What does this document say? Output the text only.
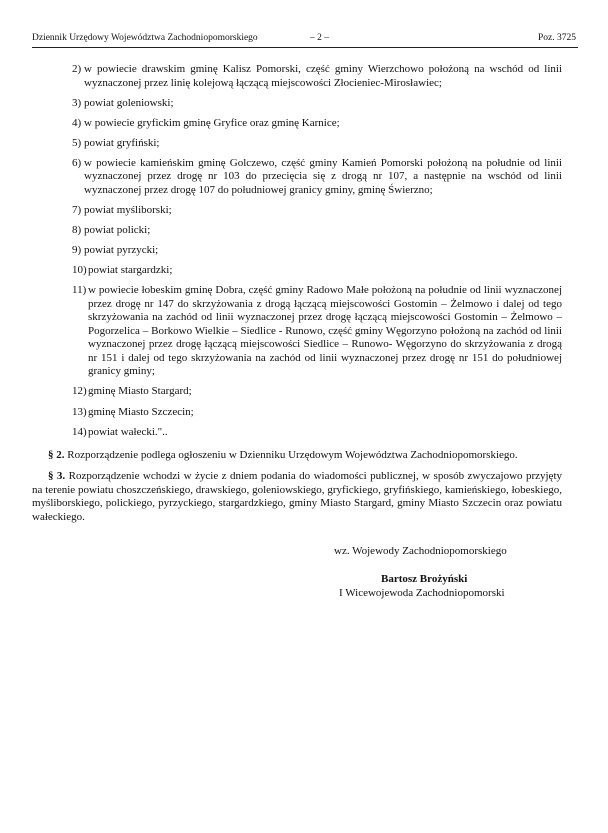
Dziennik Urzędowy Województwa Zachodniopomorskiego	– 2 –	Poz. 3725
2) w powiecie drawskim gminę Kalisz Pomorski, część gminy Wierzchowo położoną na wschód od linii wyznaczonej przez linię kolejową łączącą miejscowości Złocieniec-Mirosławiec;
3) powiat goleniowski;
4) w powiecie gryfickim gminę Gryfice oraz gminę Karnice;
5) powiat gryfiński;
6) w powiecie kamieńskim gminę Golczewo, część gminy Kamień Pomorski położoną na południe od linii wyznaczonej przez drogę nr 103 do przecięcia się z drogą nr 107, a następnie na wschód od linii wyznaczonej przez drogę 107 do południowej granicy gminy, gminę Świerzno;
7) powiat myśliborski;
8) powiat policki;
9) powiat pyrzycki;
10) powiat stargardzki;
11) w powiecie łobeskim gminę Dobra, część gminy Radowo Małe położoną na południe od linii wyznaczonej przez drogę nr 147 do skrzyżowania z drogą łączącą miejscowości Gostomin – Żelmowo i dalej od tego skrzyżowania na zachód od linii wyznaczonej przez drogę łączącą miejscowości Gostomin – Żelmowo – Pogorzelica – Borkowo Wielkie – Siedlice - Runowo, część gminy Węgorzyno położoną na zachód od linii wyznaczonej przez drogę łączącą miejscowości Siedlice – Runowo- Węgorzyno do skrzyżowania z drogą nr 151 i dalej od tego skrzyżowania na zachód od linii wyznaczonej przez drogę nr 151 do południowej granicy gminy;
12) gminę Miasto Stargard;
13) gminę Miasto Szczecin;
14) powiat wałecki."..
§ 2. Rozporządzenie podlega ogłoszeniu w Dzienniku Urzędowym Województwa Zachodniopomorskiego.
§ 3. Rozporządzenie wchodzi w życie z dniem podania do wiadomości publicznej, w sposób zwyczajowo przyjęty na terenie powiatu choszczeńskiego, drawskiego, goleniowskiego, gryfickiego, gryfińskiego, kamieńskiego, łobeskiego, myśliborskiego, polickiego, pyrzyckiego, stargardzkiego, gminy Miasto Stargard, gminy Miasto Szczecin oraz powiatu wałeckiego.
wz. Wojewody Zachodniopomorskiego
Bartosz Brożyński
I Wicewojewoda Zachodniopomorski
